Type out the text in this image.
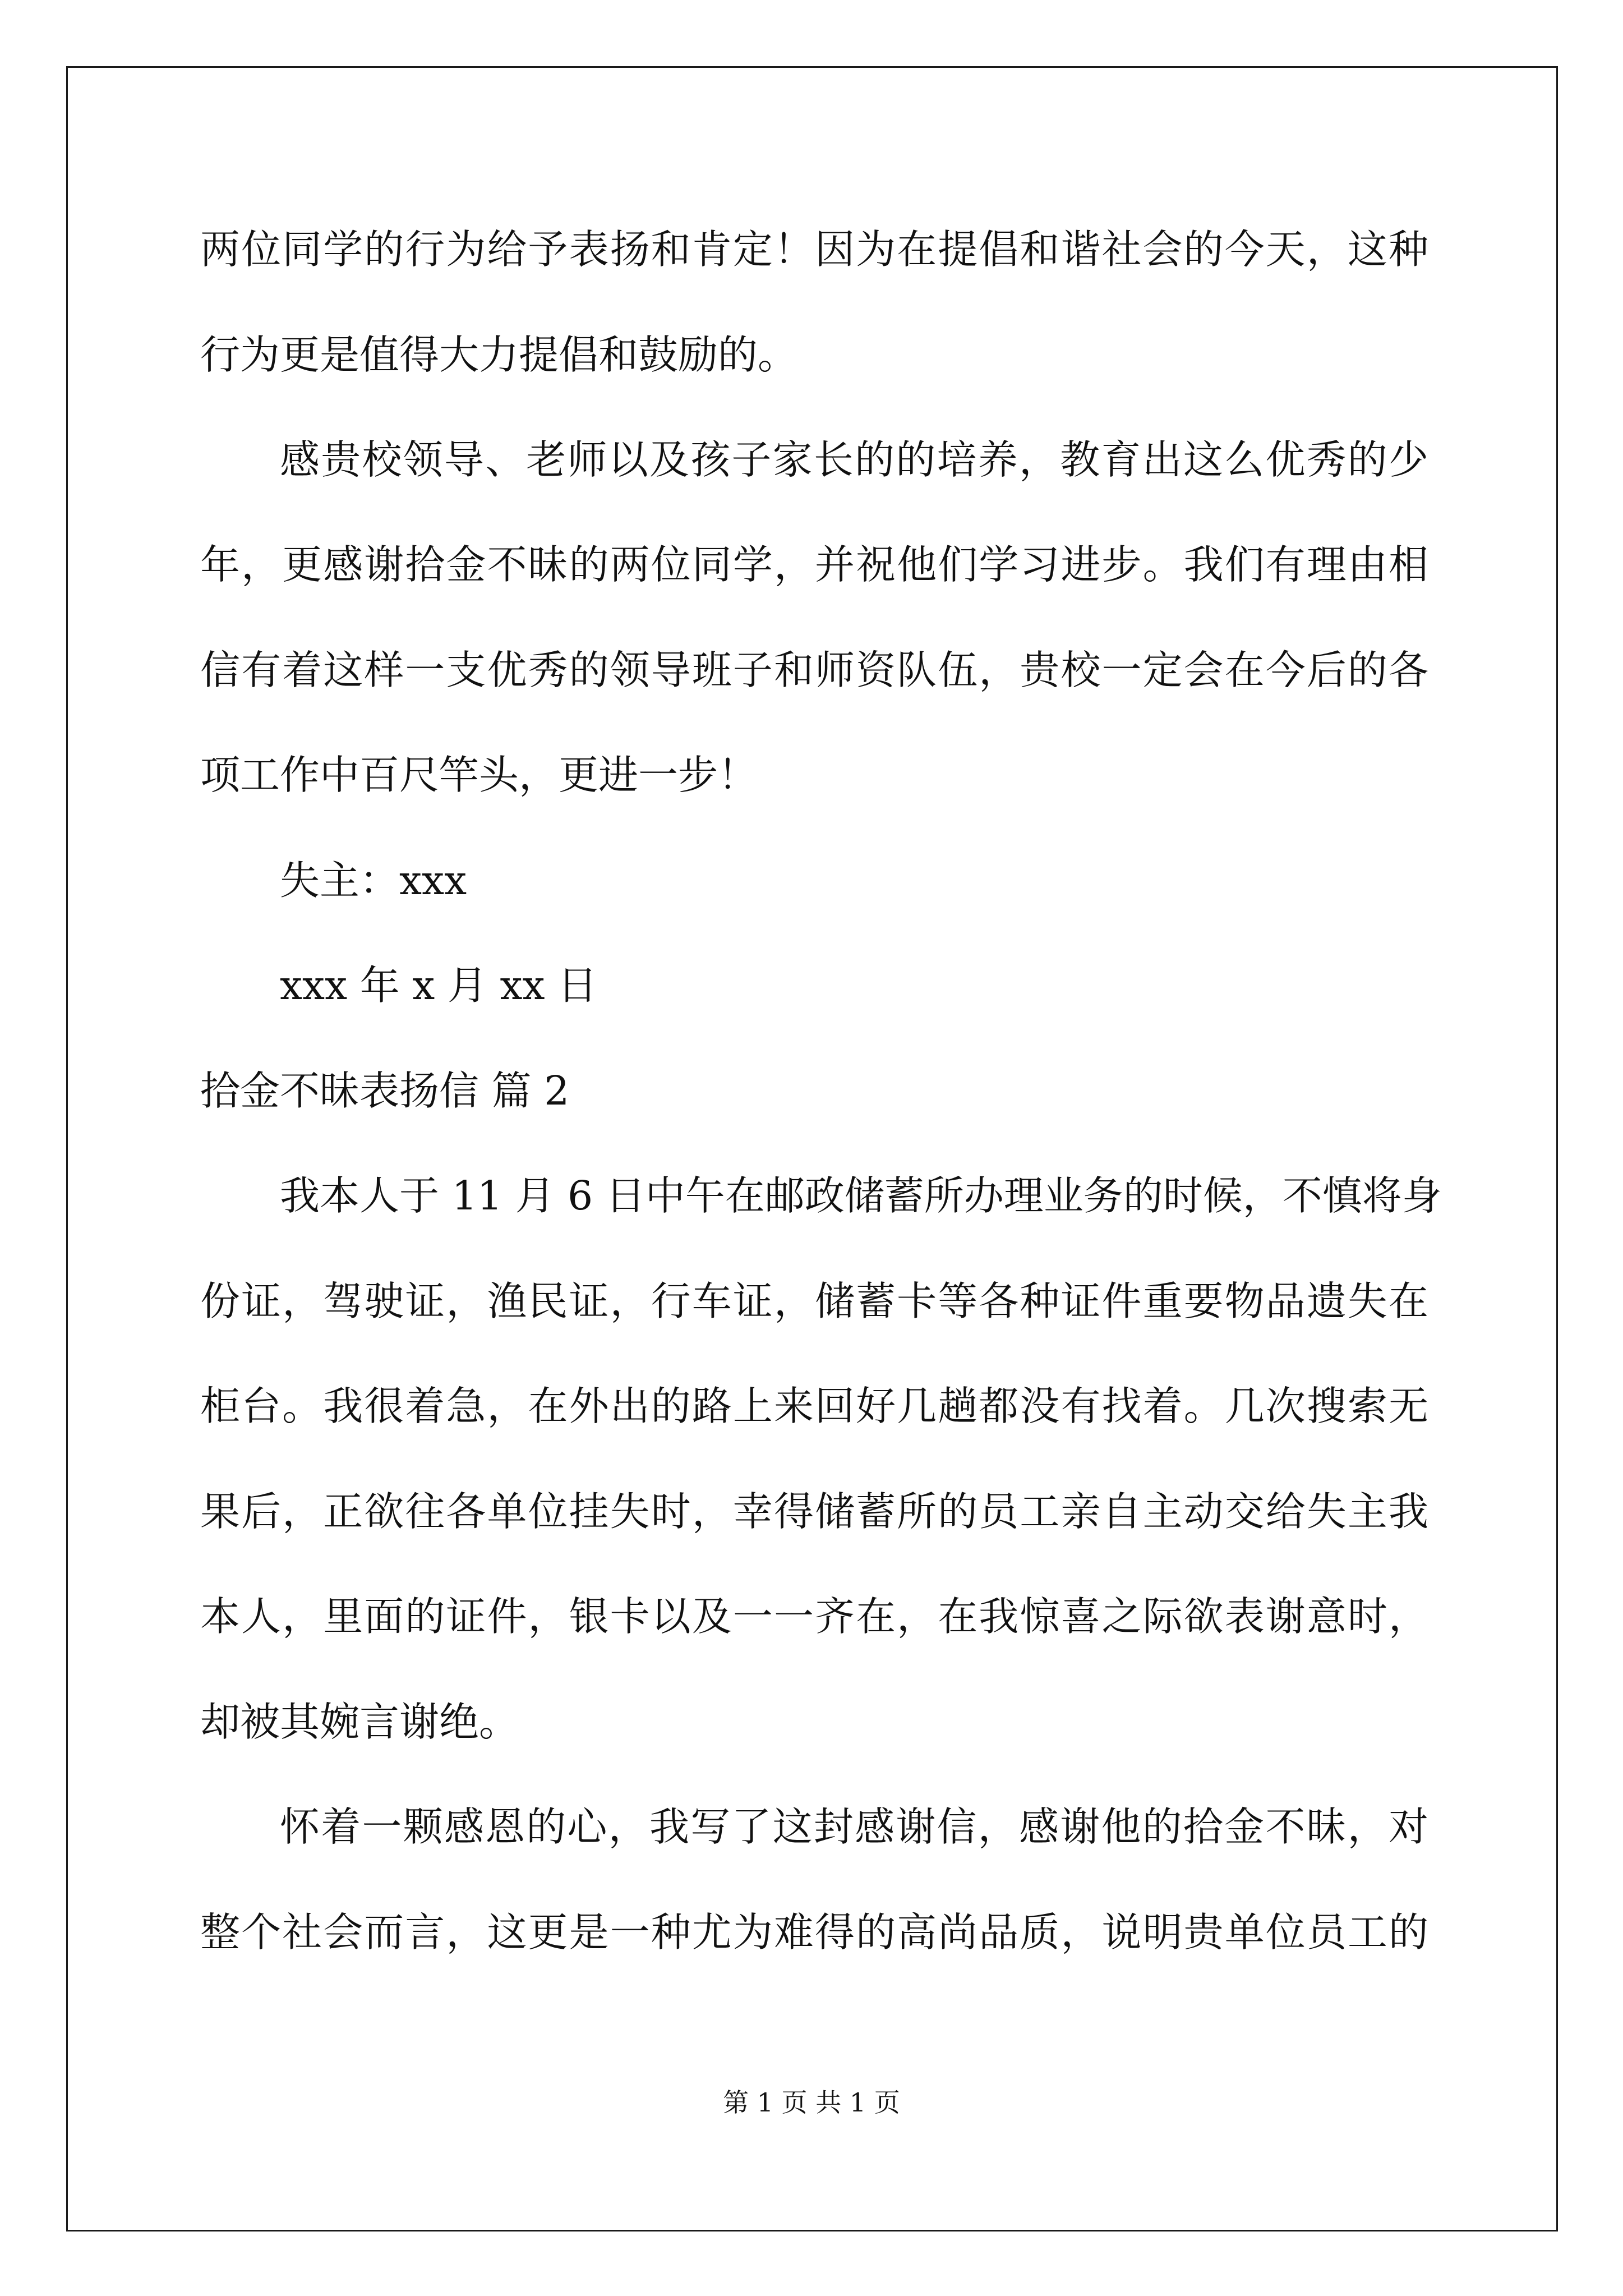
两位同学的行为给予表扬和肯定！因为在提倡和谐社会的今天，这种
行为更是值得大力提倡和鼓励的。
感贵校领导、老师以及孩子家长的的培养，教育出这么优秀的少
年，更感谢拾金不昧的两位同学，并祝他们学习进步。我们有理由相
信有着这样一支优秀的领导班子和师资队伍，贵校一定会在今后的各
项工作中百尺竿头，更进一步！
失主：xxx
xxx 年 x 月 xx 日
拾金不昧表扬信 篇 2
我本人于 11 月 6 日中午在邮政储蓄所办理业务的时候，不慎将身
份证，驾驶证，渔民证，行车证，储蓄卡等各种证件重要物品遗失在
柜台。我很着急，在外出的路上来回好几趟都没有找着。几次搜索无
果后，正欲往各单位挂失时，幸得储蓄所的员工亲自主动交给失主我
本人，里面的证件，银卡以及一一齐在，在我惊喜之际欲表谢意时，
却被其婉言谢绝。
怀着一颗感恩的心，我写了这封感谢信，感谢他的拾金不昧，对
整个社会而言，这更是一种尤为难得的高尚品质，说明贵单位员工的
第 1 页 共 1 页
